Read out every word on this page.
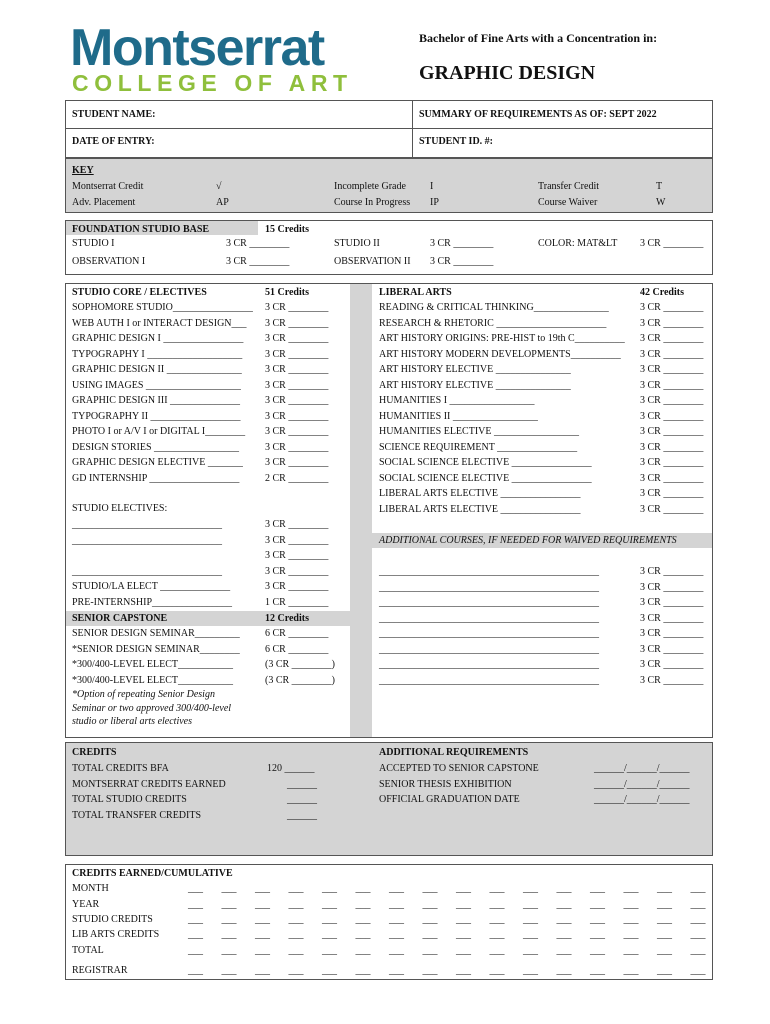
Montserrat
COLLEGE OF ART
Bachelor of Fine Arts with a Concentration in:
GRAPHIC DESIGN
STUDENT NAME:	SUMMARY OF REQUIREMENTS AS OF: SEPT 2022
DATE OF ENTRY:	STUDENT ID. #:
KEY
Montserrat Credit	√	Incomplete Grade I	Transfer Credit	T
Adv. Placement	AP	Course In Progress IP	Course Waiver	W
FOUNDATION STUDIO BASE	15 Credits
STUDIO I	3 CR ________	STUDIO II	3 CR ________	COLOR: MAT&LT 3 CR ________
OBSERVATION I	3 CR ________	OBSERVATION II 3 CR ________
STUDIO CORE / ELECTIVES	51 Credits
SOPHOMORE STUDIO________________ 3 CR ________
WEB AUTH I or INTERACT DESIGN___ 3 CR ________
GRAPHIC DESIGN I ________________ 3 CR ________
TYPOGRAPHY I ___________________ 3 CR ________
GRAPHIC DESIGN II _______________ 3 CR ________
USING IMAGES ___________________ 3 CR ________
GRAPHIC DESIGN III ______________ 3 CR ________
TYPOGRAPHY II __________________ 3 CR ________
PHOTO I or A/V I or DIGITAL I________ 3 CR ________
DESIGN STORIES _________________	3 CR ________
GRAPHIC DESIGN ELECTIVE _______ 3 CR ________
GD INTERNSHIP __________________	2 CR ________
STUDIO ELECTIVES:
______________________________	3 CR ________
______________________________	3 CR ________
3 CR ________
______________________________	3 CR ________
STUDIO/LA ELECT ______________	3 CR ________
PRE-INTERNSHIP________________	1 CR ________
SENIOR CAPSTONE	12 Credits
SENIOR DESIGN SEMINAR_________	6 CR ________
*SENIOR DESIGN SEMINAR________	6 CR ________
*300/400-LEVEL ELECT___________	(3 CR ________)
*300/400-LEVEL ELECT___________	(3 CR ________)
*Option of repeating Senior Design
Seminar or two approved 300/400-level
studio or liberal arts electives
LIBERAL ARTS	42 Credits
READING & CRITICAL THINKING_______________	3 CR ________
RESEARCH & RHETORIC ______________________	3 CR ________
ART HISTORY ORIGINS: PRE-HIST to 19th C__________ 3 CR ________
ART HISTORY MODERN DEVELOPMENTS__________ 3 CR ________
ART HISTORY ELECTIVE _______________	3 CR ________
ART HISTORY ELECTIVE _______________	3 CR ________
HUMANITIES I _________________	3 CR ________
HUMANITIES II _________________	3 CR ________
HUMANITIES ELECTIVE _________________	3 CR ________
SCIENCE REQUIREMENT ________________	3 CR ________
SOCIAL SCIENCE ELECTIVE ________________	3 CR ________
SOCIAL SCIENCE ELECTIVE ________________	3 CR ________
LIBERAL ARTS ELECTIVE ________________	3 CR ________
LIBERAL ARTS ELECTIVE ________________	3 CR ________
ADDITIONAL COURSES, IF NEEDED FOR WAIVED REQUIREMENTS
____________________________________________	3 CR ________
____________________________________________	3 CR ________
____________________________________________	3 CR ________
____________________________________________	3 CR ________
____________________________________________	3 CR ________
____________________________________________	3 CR ________
____________________________________________	3 CR ________
____________________________________________	3 CR ________
CREDITS
TOTAL CREDITS BFA	120 ______
MONTSERRAT CREDITS EARNED	______
TOTAL STUDIO CREDITS	______
TOTAL TRANSFER CREDITS	______
ADDITIONAL REQUIREMENTS
ACCEPTED TO SENIOR CAPSTONE	______/______/______
SENIOR THESIS EXHIBITION	______/______/______
OFFICIAL GRADUATION DATE	______/______/______
CREDITS EARNED/CUMULATIVE
MONTH	___ ___ ___ ___ ___ ___ ___ ___ ___ ___ ___ ___ ___ ___ ___ ___
YEAR	___ ___ ___ ___ ___ ___ ___ ___ ___ ___ ___ ___ ___ ___ ___ ___
STUDIO CREDITS	___ ___ ___ ___ ___ ___ ___ ___ ___ ___ ___ ___ ___ ___ ___ ___
LIB ARTS CREDITS	___ ___ ___ ___ ___ ___ ___ ___ ___ ___ ___ ___ ___ ___ ___ ___
TOTAL	___ ___ ___ ___ ___ ___ ___ ___ ___ ___ ___ ___ ___ ___ ___ ___
REGISTRAR	___ ___ ___ ___ ___ ___ ___ ___ ___ ___ ___ ___ ___ ___ ___ ___
